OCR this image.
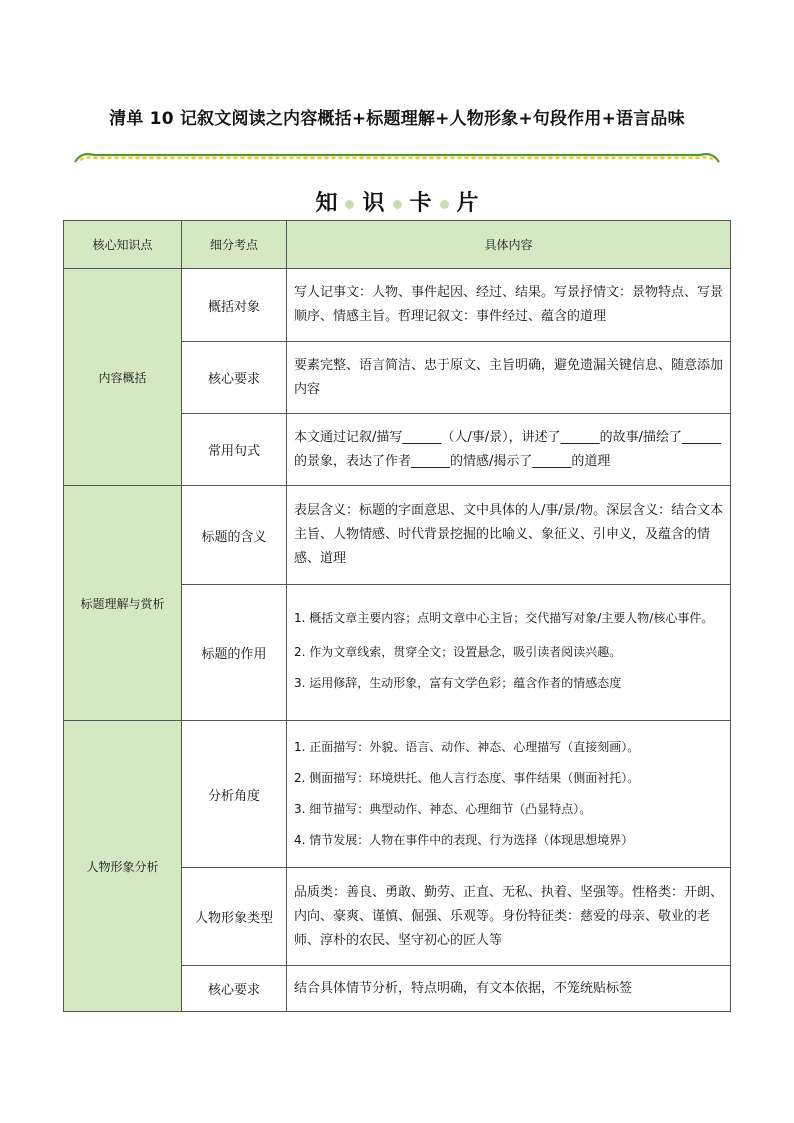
清单 10 记叙文阅读之内容概括+标题理解+人物形象+句段作用+语言品味
知 识 卡 片
核心知识点	细分考点	具体内容
内容概括	概括对象	写人记事文：人物、事件起因、经过、结果。写景抒情文：景物特点、写景顺序、情感主旨。哲理记叙文：事件经过、蕴含的道理

	核心要求	要素完整、语言简洁、忠于原文、主旨明确，避免遗漏关键信息、随意添加内容

	常用句式	本文通过记叙/描写______（人/事/景），讲述了______的故事/描绘了______的景象，表达了作者______的情感/揭示了______的道理

标题理解与赏析	标题的含义	表层含义：标题的字面意思、文中具体的人/事/景/物。深层含义：结合文本主旨、人物情感、时代背景挖掘的比喻义、象征义、引申义，及蕴含的情感、道理

	标题的作用	1. 概括文章主要内容；点明文章中心主旨；交代描写对象/主要人物/核心事件。

2. 作为文章线索，贯穿全文；设置悬念，吸引读者阅读兴趣。

3. 运用修辞，生动形象，富有文学色彩；蕴含作者的情感态度

人物形象分析	分析角度	1. 正面描写：外貌、语言、动作、神态、心理描写（直接刻画）。

2. 侧面描写：环境烘托、他人言行态度、事件结果（侧面衬托）。

3. 细节描写：典型动作、神态、心理细节（凸显特点）。

4. 情节发展：人物在事件中的表现、行为选择（体现思想境界）

	人物形象类型	品质类：善良、勇敢、勤劳、正直、无私、执着、坚强等。性格类：开朗、内向、豪爽、谨慎、倔强、乐观等。身份特征类：慈爱的母亲、敬业的老师、淳朴的农民、坚守初心的匠人等

	核心要求	结合具体情节分析，特点明确，有文本依据，不笼统贴标签
